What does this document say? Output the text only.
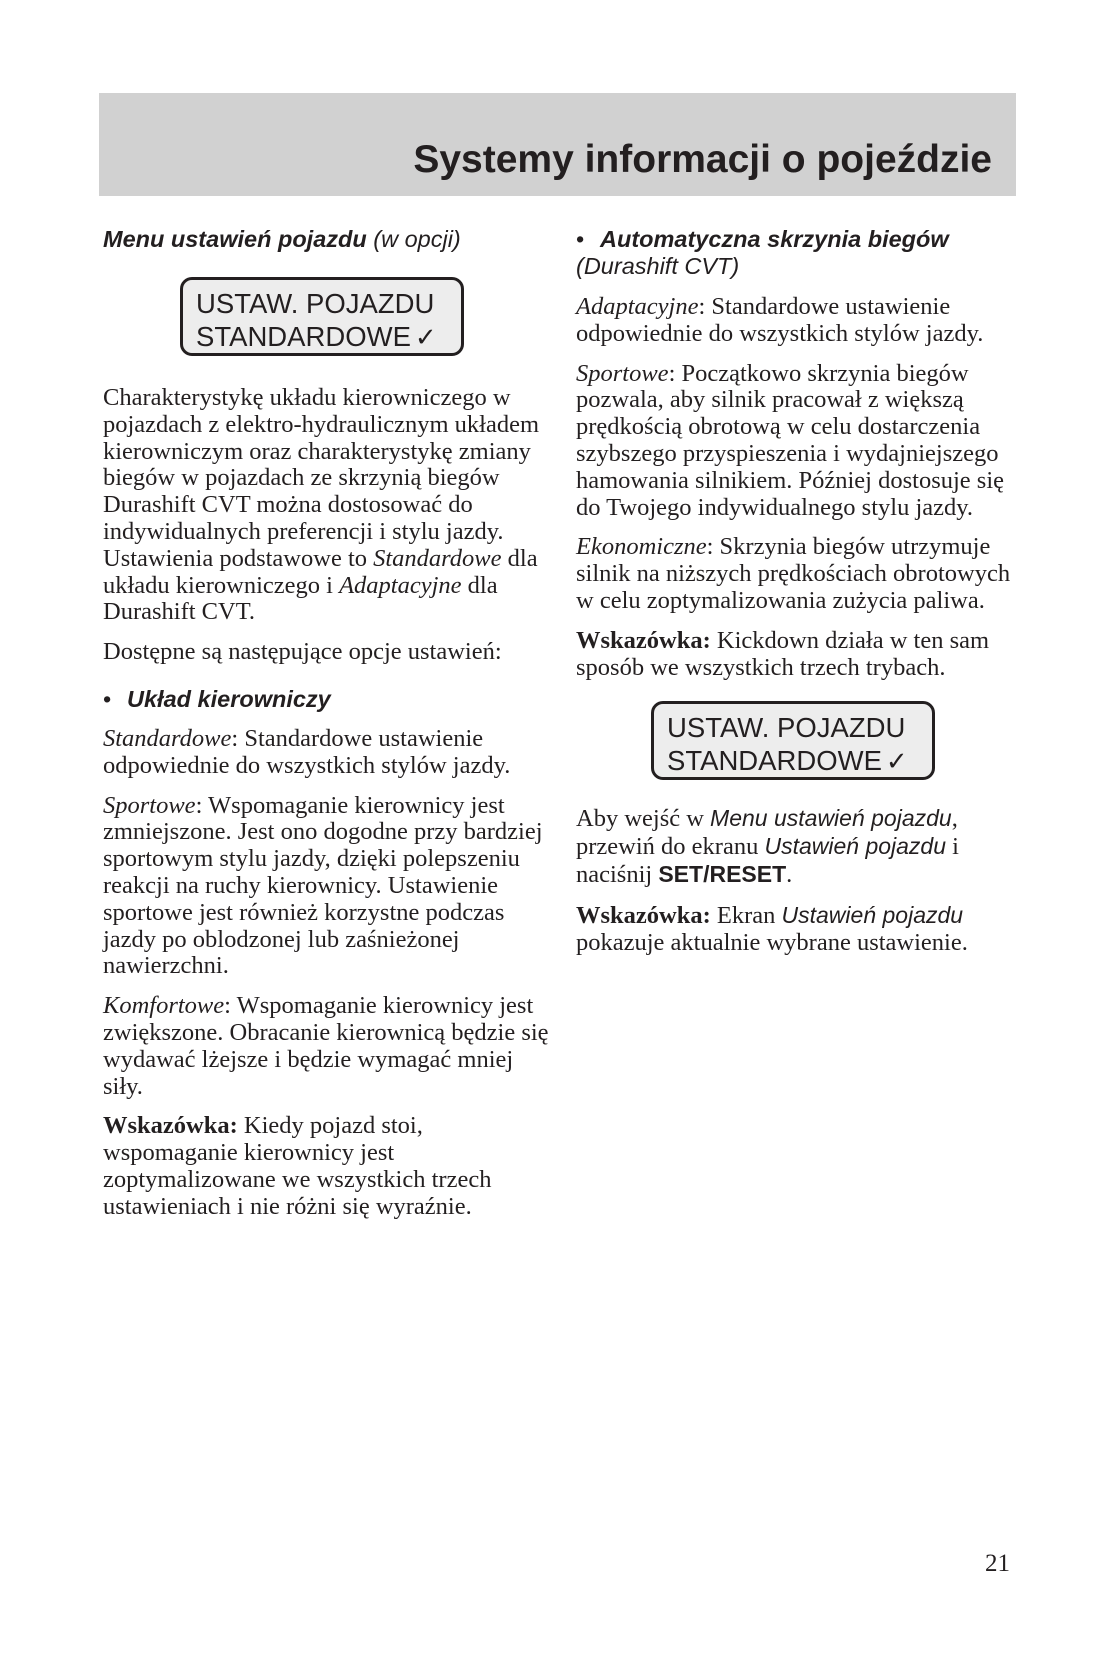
Systemy informacji o pojeździe
Menu ustawień pojazdu (w opcji)
USTAW. POJAZDU
STANDARDOWE ✓

Charakterystykę układu kierowniczego w pojazdach z elektro-hydraulicznym układem kierowniczym oraz charakterystykę zmiany biegów w pojazdach ze skrzynią biegów Durashift CVT można dostosować do indywidualnych preferencji i stylu jazdy. Ustawienia podstawowe to Standardowe dla układu kierowniczego i Adaptacyjne dla Durashift CVT.

Dostępne są następujące opcje ustawień:

• Układ kierowniczy

Standardowe: Standardowe ustawienie odpowiednie do wszystkich stylów jazdy.

Sportowe: Wspomaganie kierownicy jest zmniejszone. Jest ono dogodne przy bardziej sportowym stylu jazdy, dzięki polepszeniu reakcji na ruchy kierownicy. Ustawienie sportowe jest również korzystne podczas jazdy po oblodzonej lub zaśnieżonej nawierzchni.

Komfortowe: Wspomaganie kierownicy jest zwiększone. Obracanie kierownicą będzie się wydawać lżejsze i będzie wymagać mniej siły.

Wskazówka: Kiedy pojazd stoi, wspomaganie kierownicy jest zoptymalizowane we wszystkich trzech ustawieniach i nie różni się wyraźnie.

• Automatyczna skrzynia biegów
(Durashift CVT)

Adaptacyjne: Standardowe ustawienie odpowiednie do wszystkich stylów jazdy.

Sportowe: Początkowo skrzynia biegów pozwala, aby silnik pracował z większą prędkością obrotową w celu dostarczenia szybszego przyspieszenia i wydajniejszego hamowania silnikiem. Później dostosuje się do Twojego indywidualnego stylu jazdy.

Ekonomiczne: Skrzynia biegów utrzymuje silnik na niższych prędkościach obrotowych w celu zoptymalizowania zużycia paliwa.

Wskazówka: Kickdown działa w ten sam sposób we wszystkich trzech trybach.

USTAW. POJAZDU
STANDARDOWE ✓

Aby wejść w Menu ustawień pojazdu, przewiń do ekranu Ustawień pojazdu i naciśnij SET/RESET.

Wskazówka: Ekran Ustawień pojazdu pokazuje aktualnie wybrane ustawienie.

21
